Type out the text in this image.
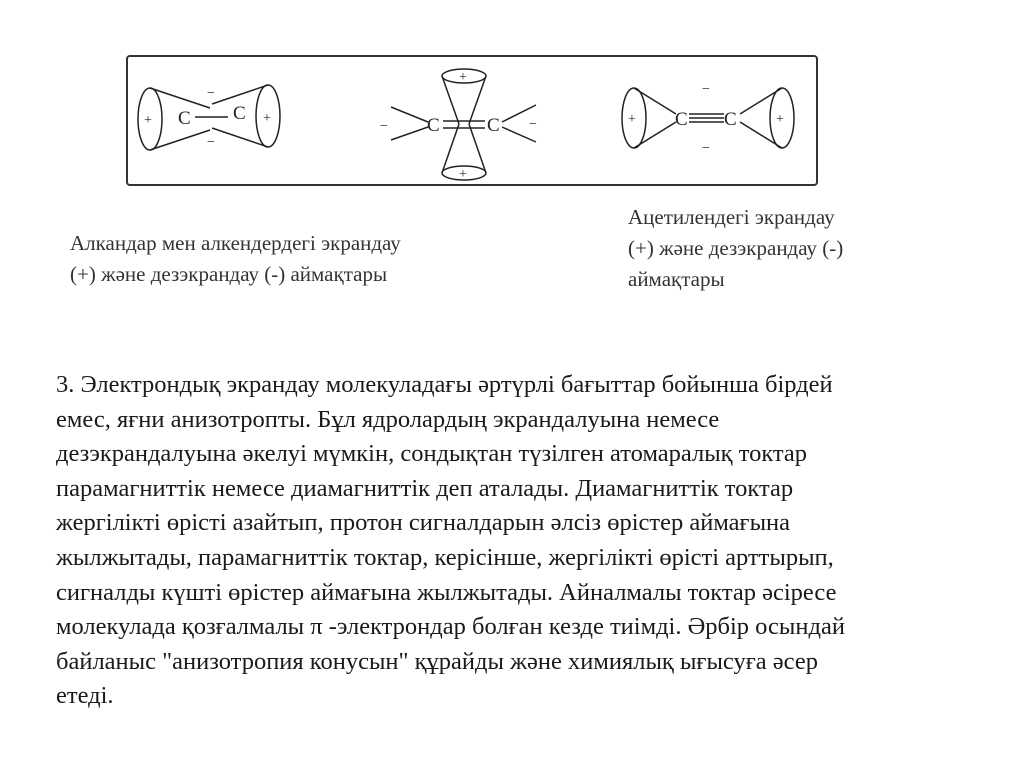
C C
+	+
−
−
C C
+
+
−	−	C C
+	+
−
−
Алкандар мен алкендердегі экрандау
(+) және дезэкрандау (-) аймақтары
Ацетилендегі экрандау
(+) және дезэкрандау (-)
аймақтары
3. Электрондық экрандау молекуладағы әртүрлі бағыттар бойынша бірдей
емес, яғни анизотропты. Бұл ядролардың экрандалуына немесе
дезэкрандалуына әкелуі мүмкін, сондықтан түзілген атомаралық токтар
парамагниттік немесе диамагниттік деп аталады. Диамагниттік токтар
жергілікті өрісті азайтып, протон сигналдарын әлсіз өрістер аймағына
жылжытады, парамагниттік токтар, керісінше, жергілікті өрісті арттырып,
сигналды күшті өрістер аймағына жылжытады. Айналмалы токтар әсіресе
молекулада қозғалмалы π -электрондар болған кезде тиімді. Әрбір осындай
байланыс "анизотропия конусын" құрайды және химиялық ығысуға әсер
етеді.
